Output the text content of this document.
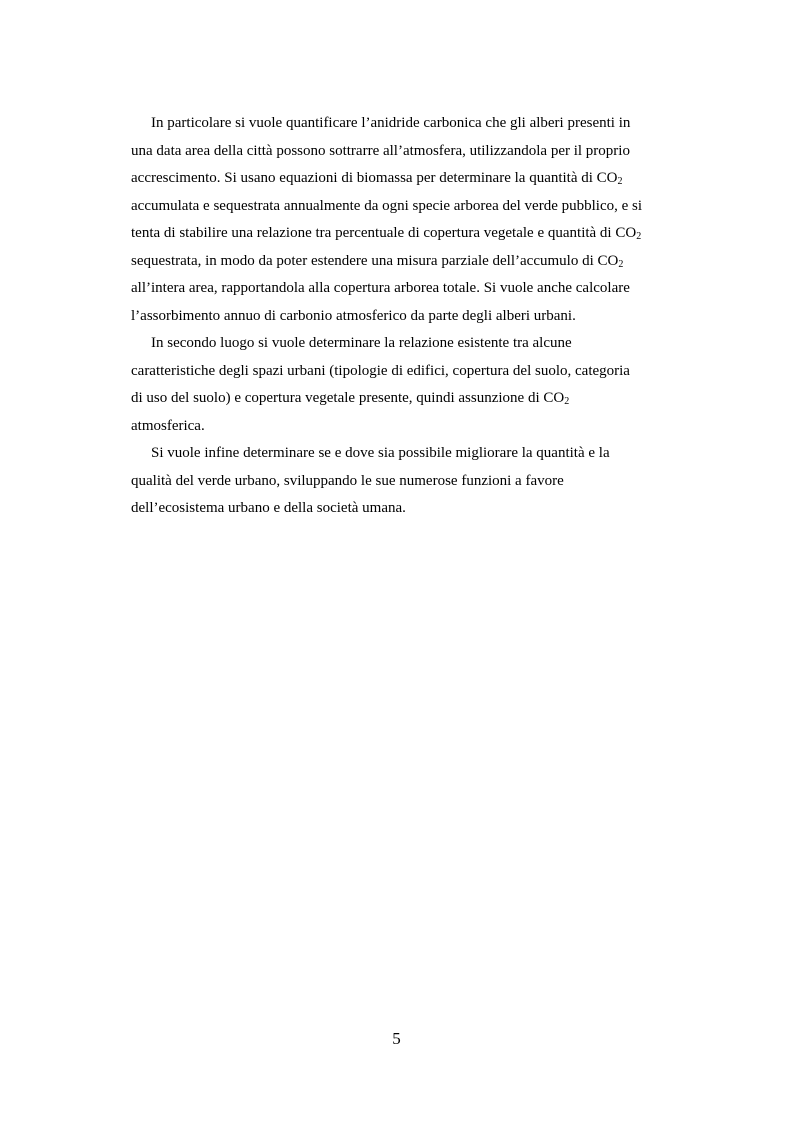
In particolare si vuole quantificare l’anidride carbonica che gli alberi presenti in
una data area della città possono sottrarre all’atmosfera, utilizzandola per il proprio
accrescimento. Si usano equazioni di biomassa per determinare la quantità di $CO_2$
accumulata e sequestrata annualmente da ogni specie arborea del verde pubblico, e si
tenta di stabilire una relazione tra percentuale di copertura vegetale e quantità di $CO_2$
sequestrata, in modo da poter estendere una misura parziale dell’accumulo di $CO_2$
all’intera area, rapportandola alla copertura arborea totale. Si vuole anche calcolare
l’assorbimento annuo di carbonio atmosferico da parte degli alberi urbani.
In secondo luogo si vuole determinare la relazione esistente tra alcune
caratteristiche degli spazi urbani (tipologie di edifici, copertura del suolo, categoria
di uso del suolo) e copertura vegetale presente, quindi assunzione di $CO_2$
atmosferica.
Si vuole infine determinare se e dove sia possibile migliorare la quantità e la
qualità del verde urbano, sviluppando le sue numerose funzioni a favore
dell’ecosistema urbano e della società umana.
5
